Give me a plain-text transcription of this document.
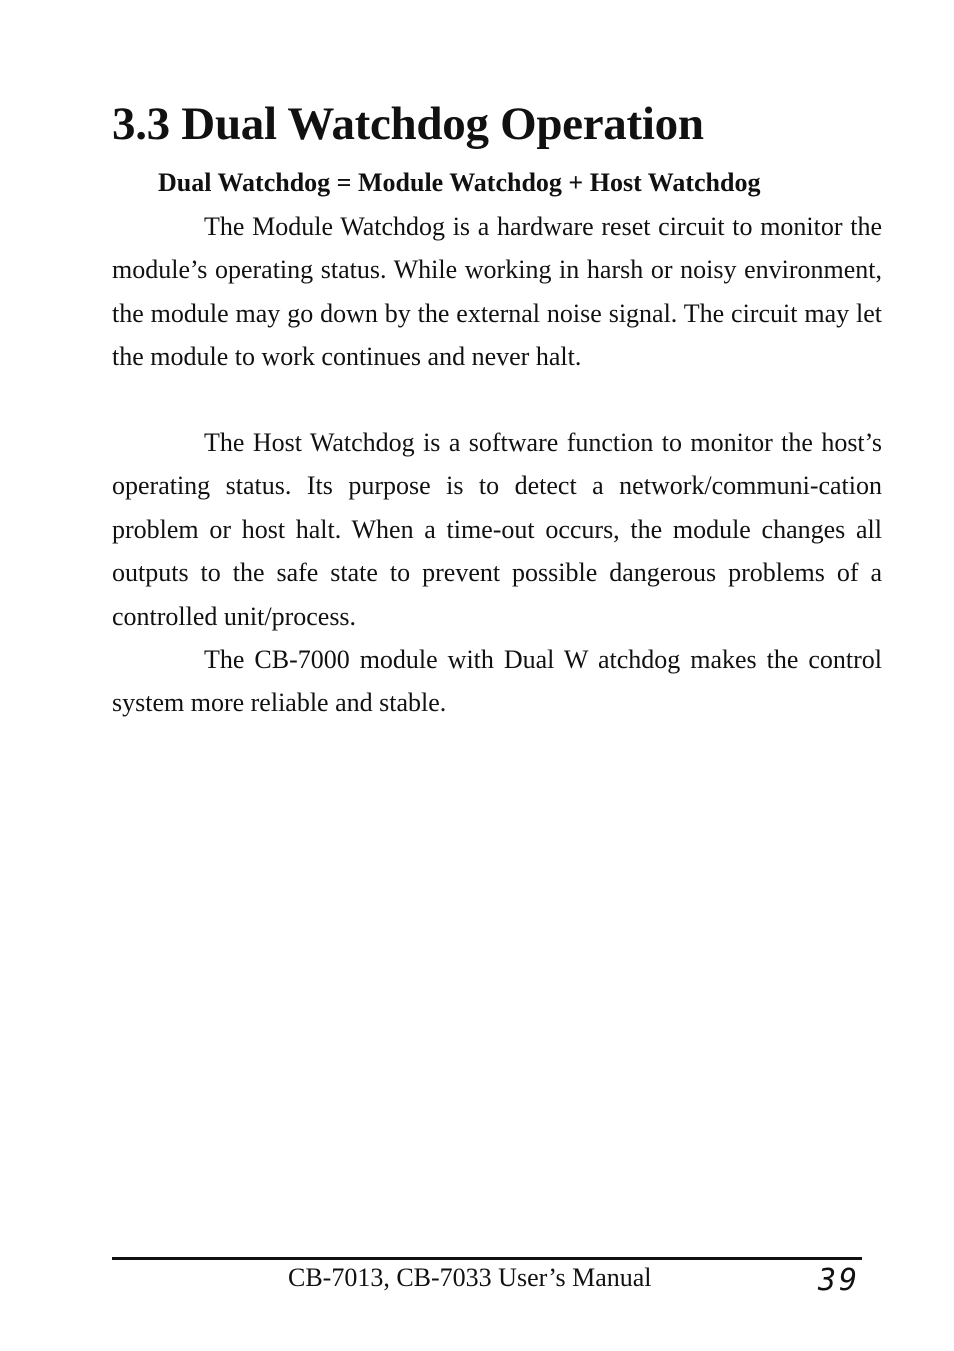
3.3 Dual Watchdog Operation
Dual Watchdog = Module Watchdog + Host Watchdog

The Module Watchdog is a hardware reset circuit to monitor the module’s operating status. While working in harsh or noisy environment, the module may go down by the external noise signal. The circuit may let the module to work continues and never halt.

The Host Watchdog is a software function to monitor the host’s operating status. Its purpose is to detect a network/communi-cation problem or host halt. When a time-out occurs, the module changes all outputs to the safe state to prevent possible dangerous problems of a controlled unit/process.

The CB-7000 module with Dual W atchdog makes the control system more reliable and stable.

CB-7013, CB-7033 User’s Manual	39
